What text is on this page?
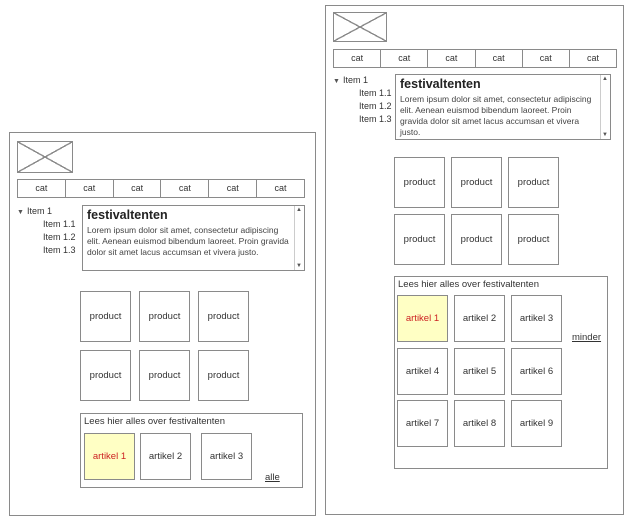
cat	cat	cat	cat	cat	cat
▼ Item 1
Item 1.1
Item 1.2
Item 1.3
festivaltenten

Lorem ipsum dolor sit amet, consectetur adipiscing elit. Aenean euismod bibendum laoreet. Proin gravida dolor sit amet lacus accumsan et vivera justo.

▲
▼
product	product	product
product	product	product
Lees hier alles over festivaltenten
artikel 1	artikel 2	artikel 3
alle
cat	cat	cat	cat	cat	cat
▼ Item 1
Item 1.1
Item 1.2
Item 1.3
festivaltenten

Lorem ipsum dolor sit amet, consectetur adipiscing elit. Aenean euismod bibendum laoreet. Proin gravida dolor sit amet lacus accumsan et vivera justo.

▲
▼
product	product	product
product	product	product
Lees hier alles over festivaltenten
artikel 1	artikel 2	artikel 3
artikel 4	artikel 5	artikel 6
artikel 7	artikel 8	artikel 9
minder
